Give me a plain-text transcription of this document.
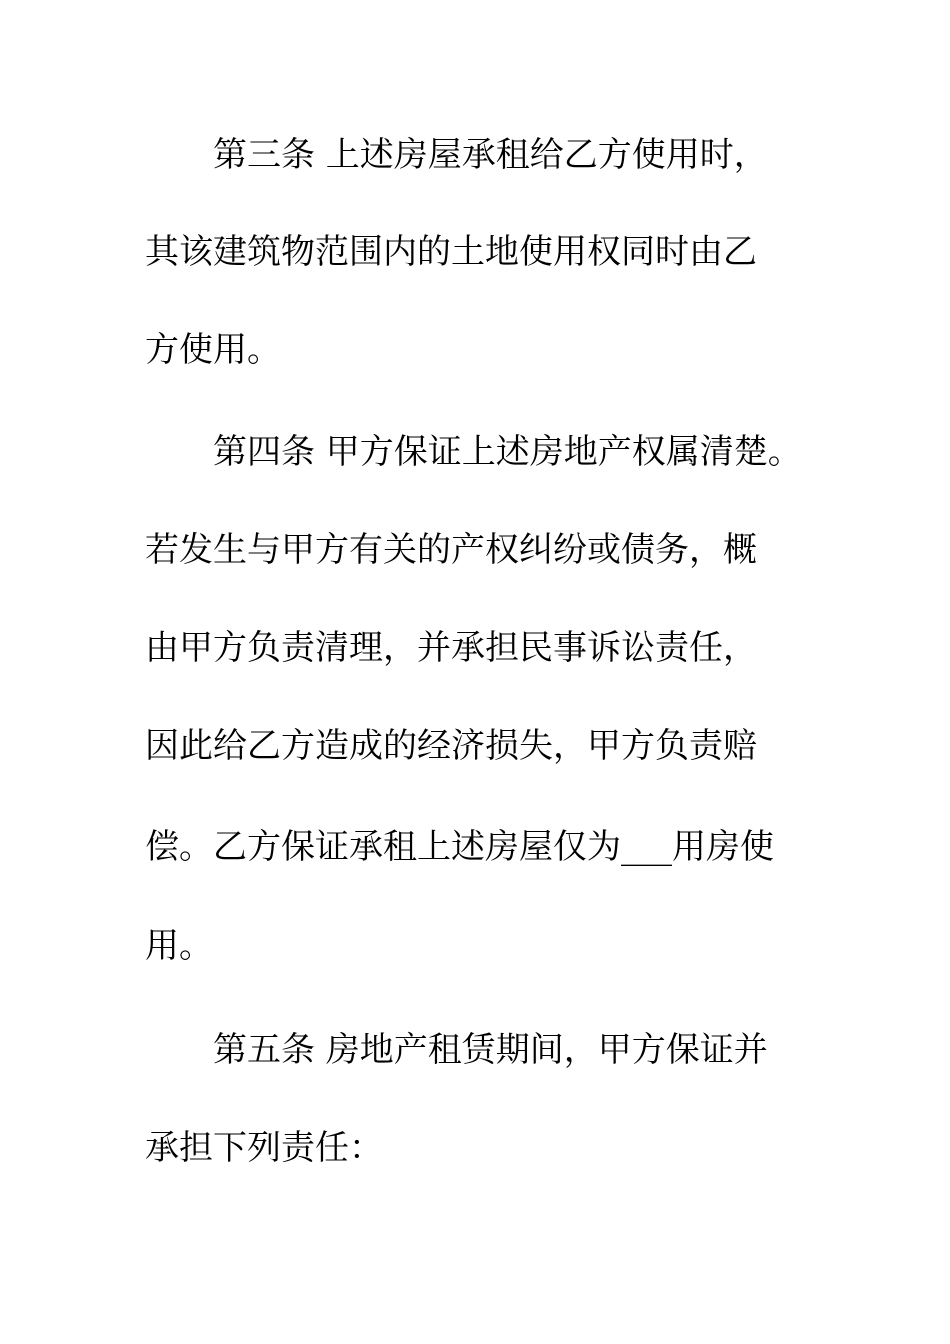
第三条 上述房屋承租给乙方使用时，
其该建筑物范围内的土地使用权同时由乙
方使用。
第四条 甲方保证上述房地产权属清楚。
若发生与甲方有关的产权纠纷或债务，概
由甲方负责清理，并承担民事诉讼责任，
因此给乙方造成的经济损失，甲方负责赔
偿。乙方保证承租上述房屋仅为___用房使
用。
第五条 房地产租赁期间，甲方保证并
承担下列责任：
